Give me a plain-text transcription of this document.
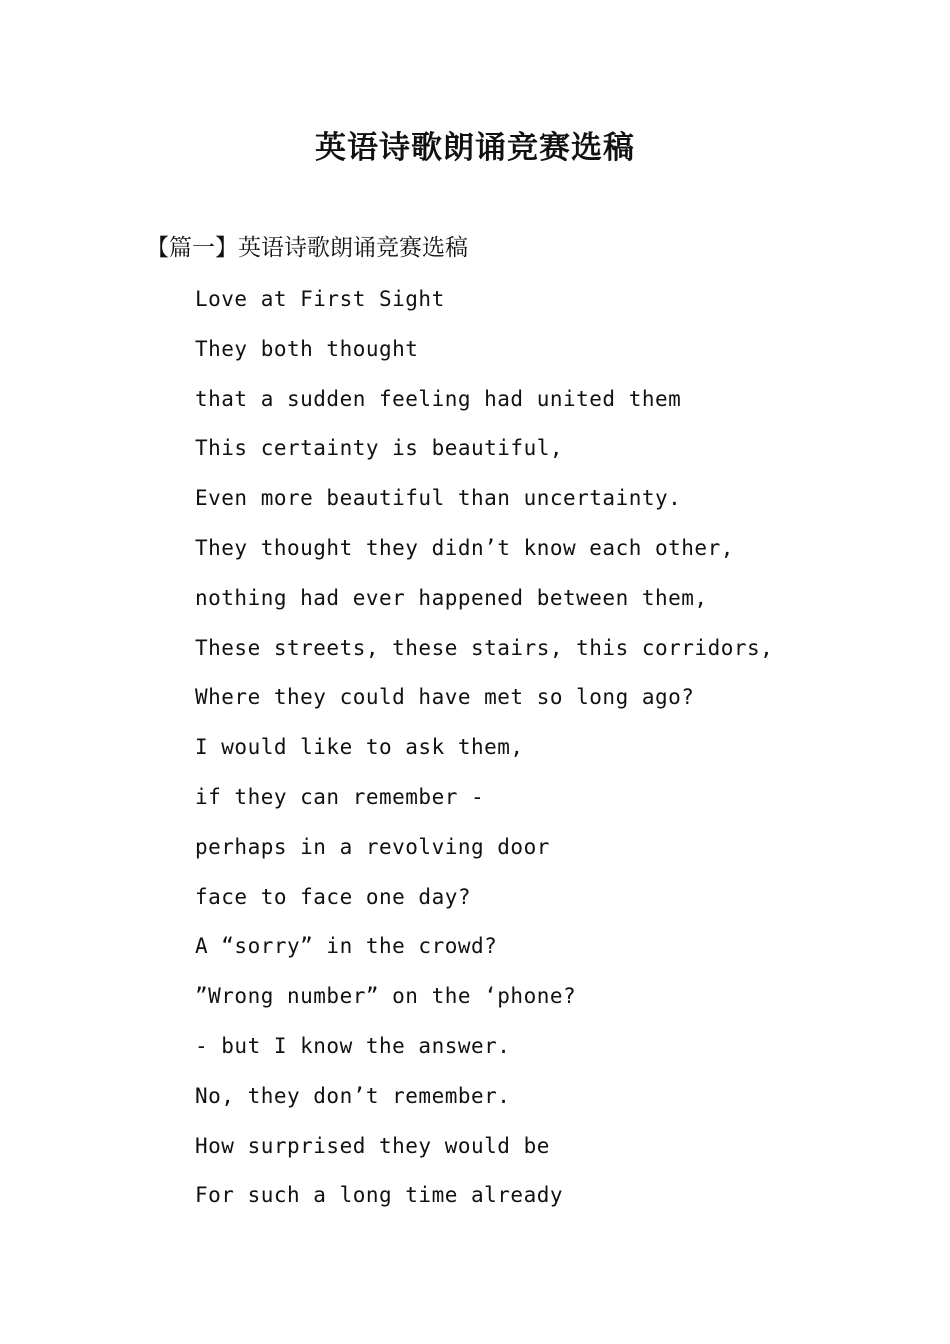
英语诗歌朗诵竞赛选稿
【篇一】英语诗歌朗诵竞赛选稿
Love at First Sight
They both thought
that a sudden feeling had united them
This certainty is beautiful,
Even more beautiful than uncertainty.
They thought they didn’t know each other,
nothing had ever happened between them,
These streets, these stairs, this corridors,
Where they could have met so long ago?
I would like to ask them,
if they can remember -
perhaps in a revolving door
face to face one day?
A “sorry” in the crowd?
”Wrong number” on the ‘phone?
- but I know the answer.
No, they don’t remember.
How surprised they would be
For such a long time already
